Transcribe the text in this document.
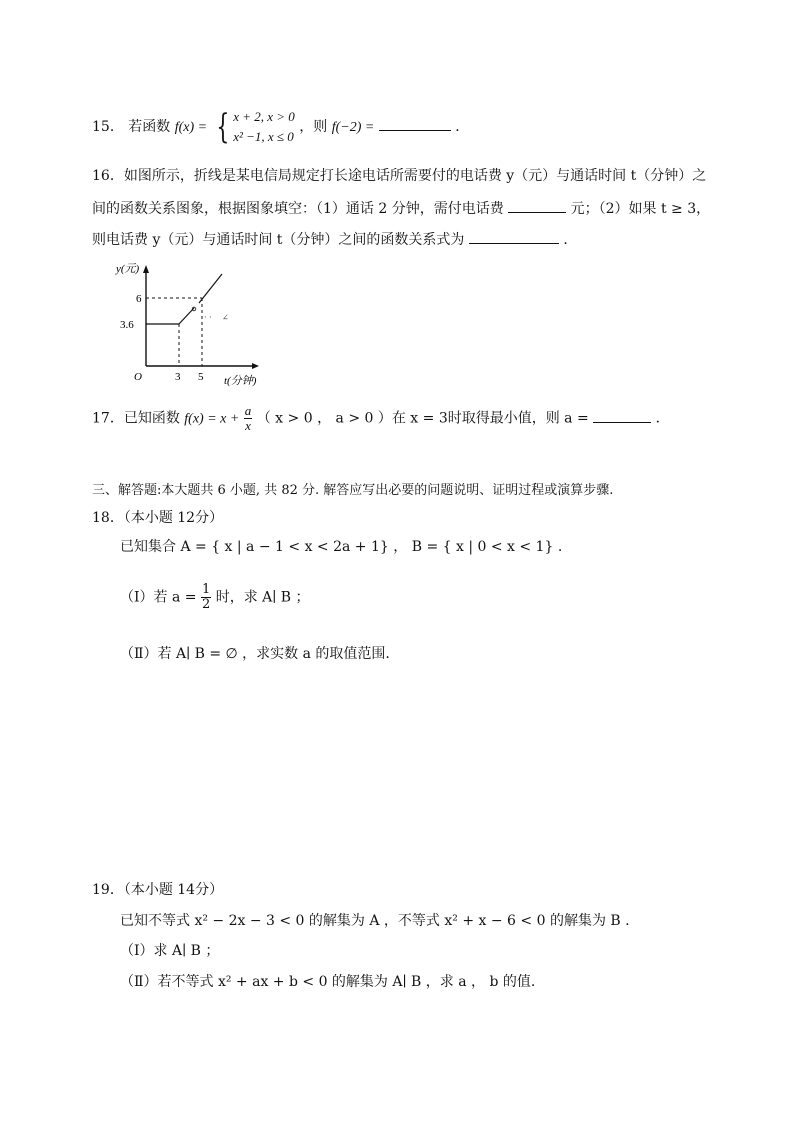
15． 若函数 f(x) = { x + 2, x > 0
x² −1, x ≤ 0
，则 f(−2) =	．
16．如图所示，折线是某电信局规定打长途电话所需要付的电话费 y（元）与通话时间 t（分钟）之
间的函数关系图象，根据图象填空：（1）通话 2 分钟，需付电话费	元；（2）如果 t ≥ 3，
则电话费 y（元）与通话时间 t（分钟）之间的函数关系式为	．
· · ∠
y(元)
6
3.6
O	3 5 t(分钟)
17．已知函数 $f(x) = x + \frac{a}{x}$ （ x > 0 ， a > 0 ）在 x = 3时取得最小值，则 a =	．
三、解答题:本大题共 6 小题, 共 82 分. 解答应写出必要的问题说明、证明过程或演算步骤.
18．（本小题 12分）
已知集合 A = { x | a − 1 < x < 2a + 1} ， B = { x | 0 < x < 1} .
（Ⅰ）若 $a = \frac{1}{2}$ 时，求 A∣ B ；
（Ⅱ）若 A∣ B = ∅ ，求实数 a 的取值范围.
19．（本小题 14分）
已知不等式 x² − 2x − 3 < 0 的解集为 A ，不等式 x² + x − 6 < 0 的解集为 B .
（Ⅰ）求 A∣ B ；
（Ⅱ）若不等式 x² + ax + b < 0 的解集为 A∣ B ，求 a ， b 的值.
